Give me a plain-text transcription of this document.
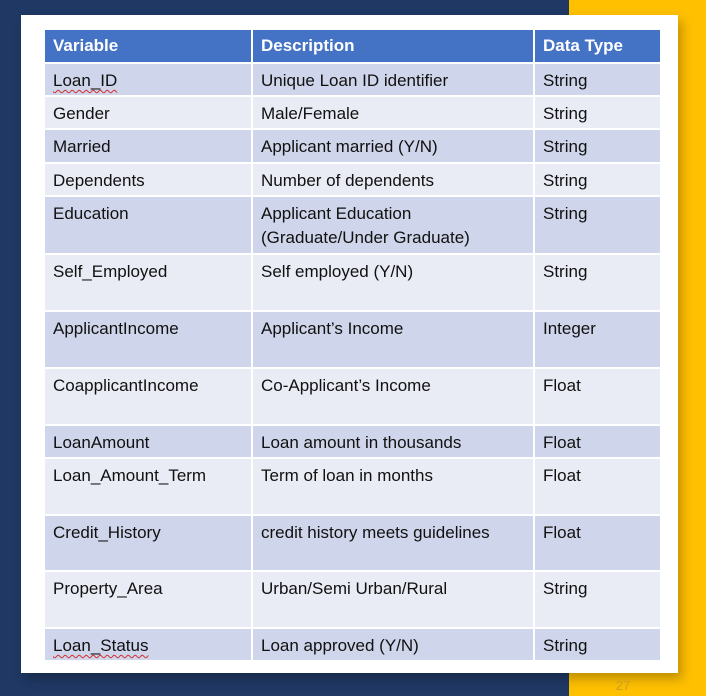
Variable	Description	Data Type
Loan_ID	Unique Loan ID identifier	String
Gender	Male/Female	String
Married	Applicant married (Y/N)	String
Dependents	Number of dependents	String
Education	Applicant Education (Graduate/Under Graduate)	String
Self_Employed	Self employed (Y/N)	String
ApplicantIncome	Applicant’s Income	Integer
CoapplicantIncome	Co-Applicant’s Income	Float
LoanAmount	Loan amount in thousands	Float
Loan_Amount_Term	Term of loan in months	Float
Credit_History	credit history meets guidelines	Float
Property_Area	Urban/Semi Urban/Rural	String
Loan_Status	Loan approved (Y/N)	String
27
